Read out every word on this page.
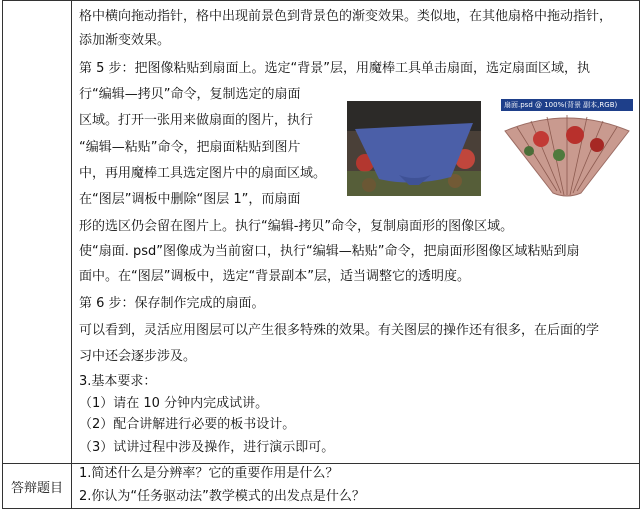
答辩题目
格中横向拖动指针，格中出现前景色到背景色的渐变效果。类似地，在其他扇格中拖动指针，
添加渐变效果。
第 5 步：把图像粘贴到扇面上。选定“背景”层，用魔棒工具单击扇面，选定扇面区域，执
行“编辑—拷贝”命令，复制选定的扇面
区域。打开一张用来做扇面的图片，执行
“编辑—粘贴”命令，把扇面粘贴到图片
中，再用魔棒工具选定图片中的扇面区域。
在“图层”调板中删除“图层 1”，而扇面
形的选区仍会留在图片上。执行“编辑-拷贝”命令，复制扇面形的图像区域。
使“扇面. psd”图像成为当前窗口，执行“编辑—粘贴”命令，把扇面形图像区域粘贴到扇
面中。在“图层”调板中，选定“背景副本”层，适当调整它的透明度。
第 6 步：保存制作完成的扇面。
可以看到，灵活应用图层可以产生很多特殊的效果。有关图层的操作还有很多，在后面的学
习中还会逐步涉及。
3.基本要求：
（1）请在 10 分钟内完成试讲。
（2）配合讲解进行必要的板书设计。
（3）试讲过程中涉及操作，进行演示即可。
1.简述什么是分辨率？它的重要作用是什么？
2.你认为“任务驱动法”教学模式的出发点是什么？
扇面.psd @ 100%(背景 副本,RGB)
